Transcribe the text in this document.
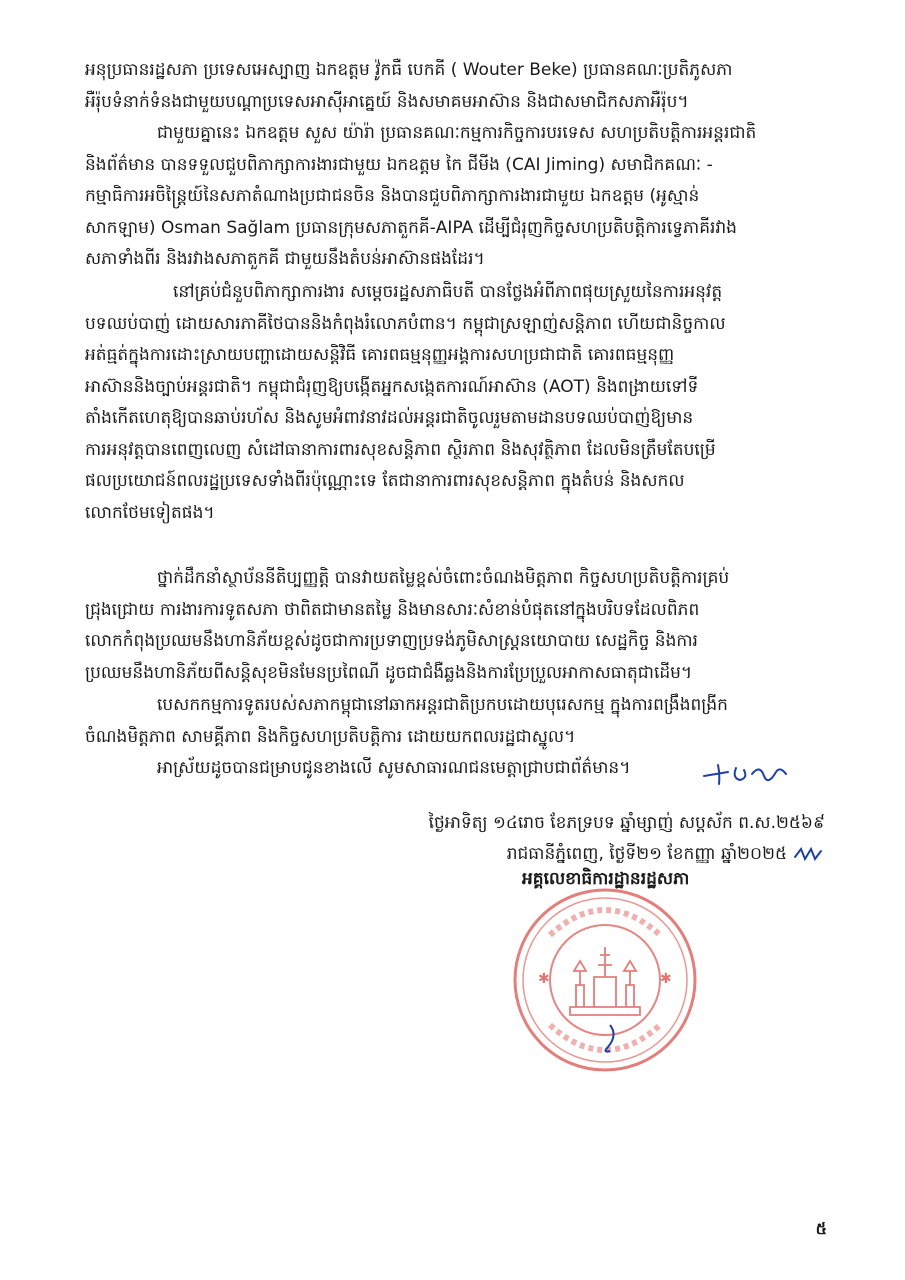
អនុប្រធានរដ្ឋសភា ប្រទេសអេស្បាញ ឯកឧត្តម វ៉ូកធឺ បេកគី ( Wouter Beke) ប្រធានគណៈប្រតិភូសភា
អឺរ៉ុបទំនាក់ទំនងជាមួយបណ្តាប្រទេសអាស៊ីអាគ្នេយ៍ និងសមាគមអាស៊ាន និងជាសមាជិកសភាអឺរ៉ុប។
ជាមួយគ្នានេះ ឯកឧត្តម សួស យ៉ារ៉ា ប្រធានគណៈកម្មការកិច្ចការបរទេស សហប្រតិបត្តិការអន្តរជាតិ
និងព័ត៌មាន បានទទួលជួបពិភាក្សាការងារជាមួយ ឯកឧត្តម កៃ ជីមីង (CAI Jiming) សមាជិកគណៈ -
កម្មាធិការអចិន្ត្រៃយ៍នៃសភាតំណាងប្រជាជនចិន និងបានជួបពិភាក្សាការងារជាមួយ ឯកឧត្តម (អូស្មាន់
សាកឡាម) Osman Sağlam ប្រធានក្រុមសភាតួកគី-AIPA ដើម្បីជំរុញកិច្ចសហប្រតិបត្តិការទ្វេភាគីរវាង
សភាទាំងពីរ និងរវាងសភាតួកគី ជាមួយនឹងតំបន់អាស៊ានផងដែរ។
នៅគ្រប់ជំនួបពិភាក្សាការងារ សម្តេចរដ្ឋសភាធិបតី បានថ្លែងអំពីភាពផុយស្រួយនៃការអនុវត្ត
បទឈប់បាញ់ ដោយសារភាគីថៃបាននិងកំពុងរំលោភបំពាន។ កម្ពុជាស្រឡាញ់សន្តិភាព ហើយជានិច្ចកាល
អត់ធ្មត់ក្នុងការដោះស្រាយបញ្ហាដោយសន្តិវិធី គោរពធម្មនុញ្ញអង្គការសហប្រជាជាតិ គោរពធម្មនុញ្ញ
អាស៊ាននិងច្បាប់អន្តរជាតិ។ កម្ពុជាជំរុញឱ្យបង្កើតអ្នកសង្កេតការណ៍អាស៊ាន (AOT) និងពង្រាយទៅទី
តាំងកើតហេតុឱ្យបានឆាប់រហ័ស និងសូមអំពាវនាវដល់អន្តរជាតិចូលរួមតាមដានបទឈប់បាញ់ឱ្យមាន
ការអនុវត្តបានពេញលេញ សំដៅធានាការពារសុខសន្តិភាព ស្ថិរភាព និងសុវត្ថិភាព ដែលមិនត្រឹមតែបម្រើ
ផលប្រយោជន៍ពលរដ្ឋប្រទេសទាំងពីរប៉ុណ្ណោះទេ តែជានាការពារសុខសន្តិភាព ក្នុងតំបន់ និងសកល
លោកថែមទៀតផង។
ថ្នាក់ដឹកនាំស្ថាប័ននីតិប្បញ្ញត្តិ បានវាយតម្លៃខ្ពស់ចំពោះចំណងមិត្តភាព កិច្ចសហប្រតិបត្តិការគ្រប់
ជ្រុងជ្រោយ ការងារការទូតសភា ថាពិតជាមានតម្លៃ និងមានសារៈសំខាន់បំផុតនៅក្នុងបរិបទដែលពិភព
លោកកំពុងប្រឈមនឹងហានិភ័យខ្ពស់ដូចជាការប្រទាញប្រទង់ភូមិសាស្ត្រនយោបាយ សេដ្ឋកិច្ច និងការ
ប្រឈមនឹងហានិភ័យពីសន្តិសុខមិនមែនប្រពៃណី ដូចជាជំងឺឆ្លងនិងការប្រែប្រួលអាកាសធាតុជាដើម។
បេសកកម្មការទូតរបស់សភាកម្ពុជានៅឆាកអន្តរជាតិប្រកបដោយបុរេសកម្ម ក្នុងការពង្រឹងពង្រីក
ចំណងមិត្តភាព សាមគ្គីភាព និងកិច្ចសហប្រតិបត្តិការ ដោយយកពលរដ្ឋជាស្នូល។
អាស្រ័យដូចបានជម្រាបជូនខាងលើ សូមសាធារណជនមេត្តាជ្រាបជាព័ត៌មាន។
ថ្ងៃអាទិត្យ ១៤រោច ខែភទ្របទ ឆ្នាំម្សាញ់ សប្តស័ក ព.ស.២៥៦៩
រាជធានីភ្នំពេញ, ថ្ងៃទី២១ ខែកញ្ញា ឆ្នាំ២០២៥
✱	✱
អគ្គលេខាធិការដ្ឋានរដ្ឋសភា
៥
